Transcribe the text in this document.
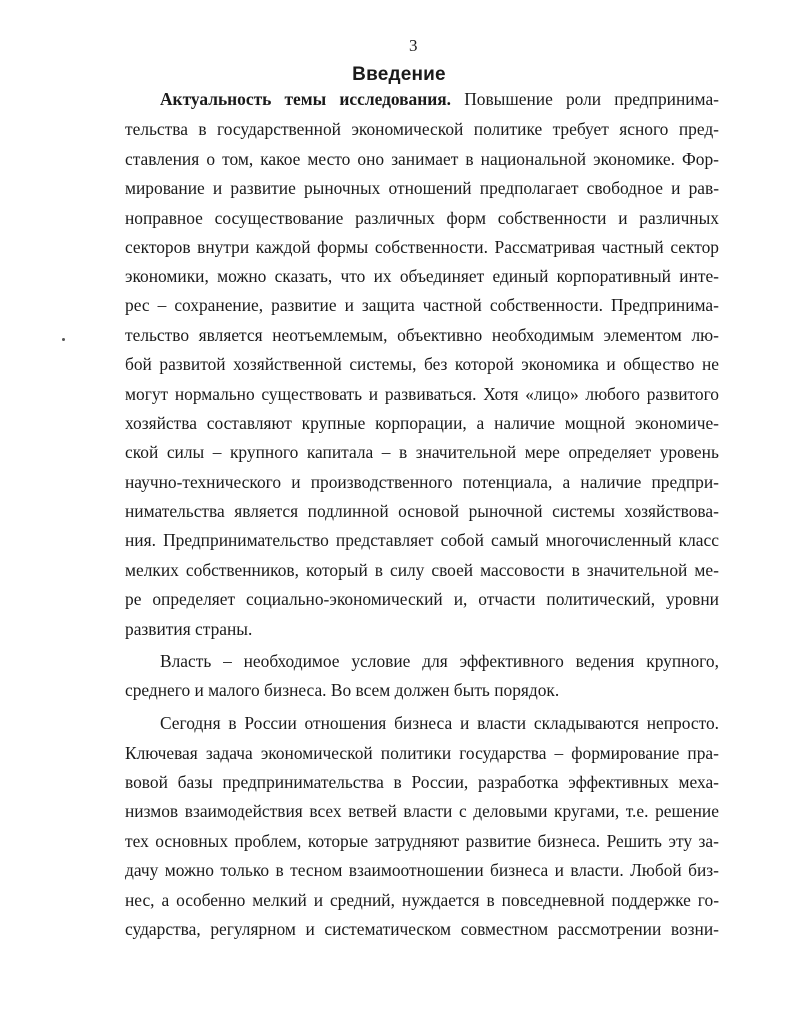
3
Введение
Актуальность темы исследования. Повышение роли предпринима-
тельства в государственной экономической политике требует ясного пред-
ставления о том, какое место оно занимает в национальной экономике. Фор-
мирование и развитие рыночных отношений предполагает свободное и рав-
ноправное сосуществование различных форм собственности и различных
секторов внутри каждой формы собственности. Рассматривая частный сектор
экономики, можно сказать, что их объединяет единый корпоративный инте-
рес – сохранение, развитие и защита частной собственности. Предпринима-
тельство является неотъемлемым, объективно необходимым элементом лю-
бой развитой хозяйственной системы, без которой экономика и общество не
могут нормально существовать и развиваться. Хотя «лицо» любого развитого
хозяйства составляют крупные корпорации, а наличие мощной экономиче-
ской силы – крупного капитала – в значительной мере определяет уровень
научно-технического и производственного потенциала, а наличие предпри-
нимательства является подлинной основой рыночной системы хозяйствова-
ния. Предпринимательство представляет собой самый многочисленный класс
мелких собственников, который в силу своей массовости в значительной ме-
ре определяет социально-экономический и, отчасти политический, уровни
развития страны.
Власть – необходимое условие для эффективного ведения крупного,
среднего и малого бизнеса. Во всем должен быть порядок.
Сегодня в России отношения бизнеса и власти складываются непросто.
Ключевая задача экономической политики государства – формирование пра-
вовой базы предпринимательства в России, разработка эффективных меха-
низмов взаимодействия всех ветвей власти с деловыми кругами, т.е. решение
тех основных проблем, которые затрудняют развитие бизнеса. Решить эту за-
дачу можно только в тесном взаимоотношении бизнеса и власти. Любой биз-
нес, а особенно мелкий и средний, нуждается в повседневной поддержке го-
сударства, регулярном и систематическом совместном рассмотрении возни-
